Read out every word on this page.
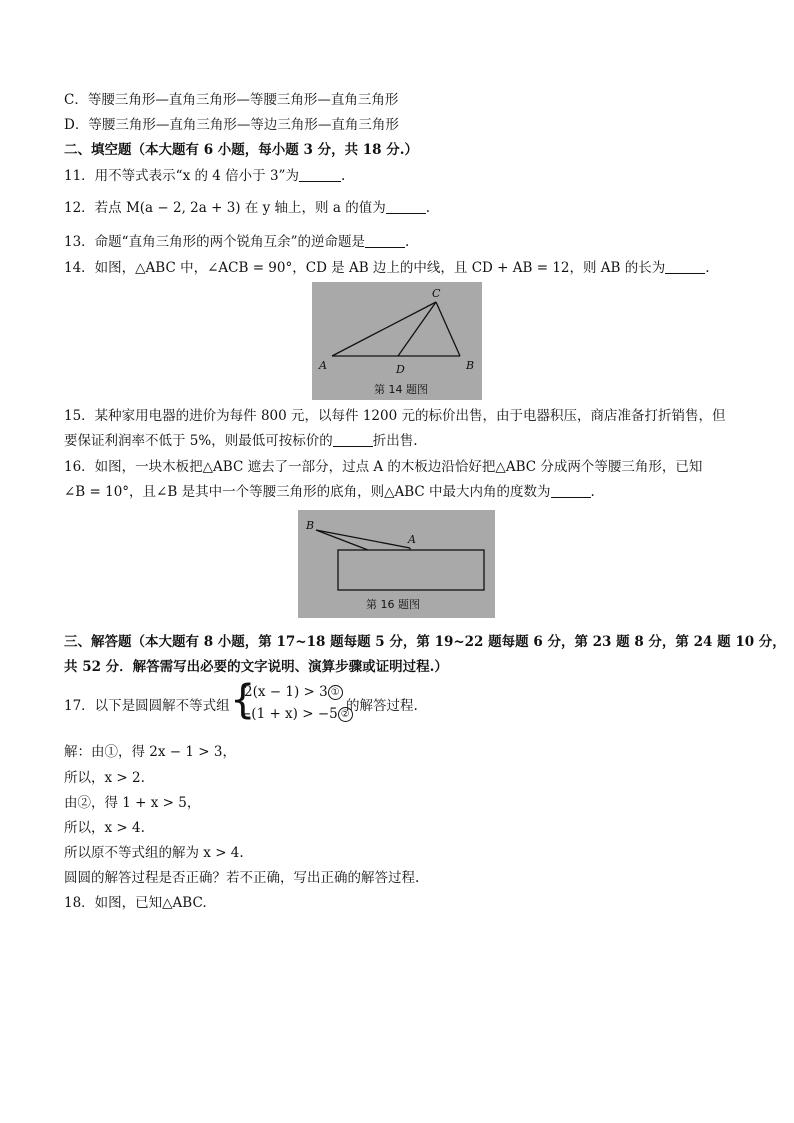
C．等腰三角形—直角三角形—等腰三角形—直角三角形
D．等腰三角形—直角三角形—等边三角形—直角三角形
二、填空题（本大题有 6 小题，每小题 3 分，共 18 分.）
11．用不等式表示“x 的 4 倍小于 3”为	.
12．若点 M(a − 2, 2a + 3) 在 y 轴上，则 a 的值为	.
13．命题“直角三角形的两个锐角互余”的逆命题是	.
14．如图，△ABC 中，∠ACB = 90°，CD 是 AB 边上的中线，且 CD + AB = 12，则 AB 的长为	.
A	B
C
D
第 14 题图
15．某种家用电器的进价为每件 800 元，以每件 1200 元的标价出售，由于电器积压，商店准备打折销售，但
要保证利润率不低于 5%，则最低可按标价的	折出售.
16．如图，一块木板把△ABC 遮去了一部分，过点 A 的木板边沿恰好把△ABC 分成两个等腰三角形，已知
∠B = 10°，且∠B 是其中一个等腰三角形的底角，则△ABC 中最大内角的度数为	.
B
A
第 16 题图
三、解答题（本大题有 8 小题，第 17~18 题每题 5 分，第 19~22 题每题 6 分，第 23 题 8 分，第 24 题 10 分，
共 52 分．解答需写出必要的文字说明、演算步骤或证明过程.）
17．以下是圆圆解不等式组 {
2(x − 1) > 3 ①
−(1 + x) > −5 ②
的解答过程.
解：由①，得 2x − 1 > 3，
所以，x > 2.
由②，得 1 + x > 5，
所以，x > 4.
所以原不等式组的解为 x > 4.
圆圆的解答过程是否正确？若不正确，写出正确的解答过程.
18．如图，已知△ABC.
